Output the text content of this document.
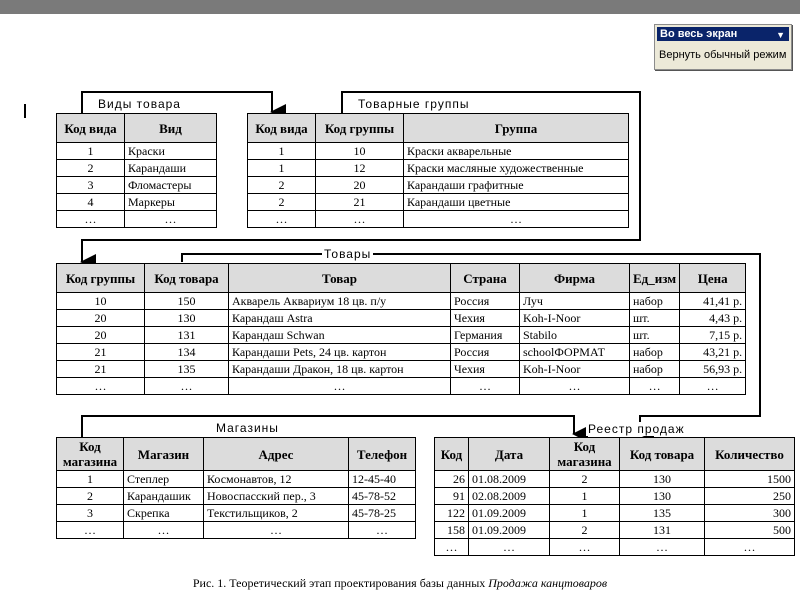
Во весь экран	▼
Вернуть обычный режим
Виды товара	Товарные группы
Товары
Магазины	Реестр продаж
Код вида	Вид
1	Краски
2	Карандаши
3	Фломастеры
4	Маркеры
…	…
Код вида	Код группы	Группа
1	10	Краски акварельные
1	12	Краски масляные художественные
2	20	Карандаши графитные
2	21	Карандаши цветные
…	…	…
Код группы	Код товара	Товар	Страна	Фирма	Ед_изм	Цена
10	150	Акварель Аквариум 18 цв. п/у	Россия	Луч	набор	41,41 р.
20	130	Карандаш Astra	Чехия	Koh-I-Noor	шт.	4,43 р.
20	131	Карандаш Schwan	Германия	Stabilo	шт.	7,15 р.
21	134	Карандаши Pets, 24 цв. картон	Россия	schoolФОРМАТ	набор	43,21 р.
21	135	Карандаши Дракон, 18 цв. картон	Чехия	Koh-I-Noor	набор	56,93 р.
…	…	…	…	…	…	…
Код магазина	Магазин	Адрес	Телефон
1	Степлер	Космонавтов, 12	12-45-40
2	Карандашик	Новоспасский пер., 3	45-78-52
3	Скрепка	Текстильщиков, 2	45-78-25
…	…	…	…
Код	Дата	Код магазина	Код товара	Количество
26	01.08.2009	2	130	1500
91	02.08.2009	1	130	250
122	01.09.2009	1	135	300
158	01.09.2009	2	131	500
…	…	…	…	…
Рис. 1. Теоретический этап проектирования базы данных Продажа канцтоваров
